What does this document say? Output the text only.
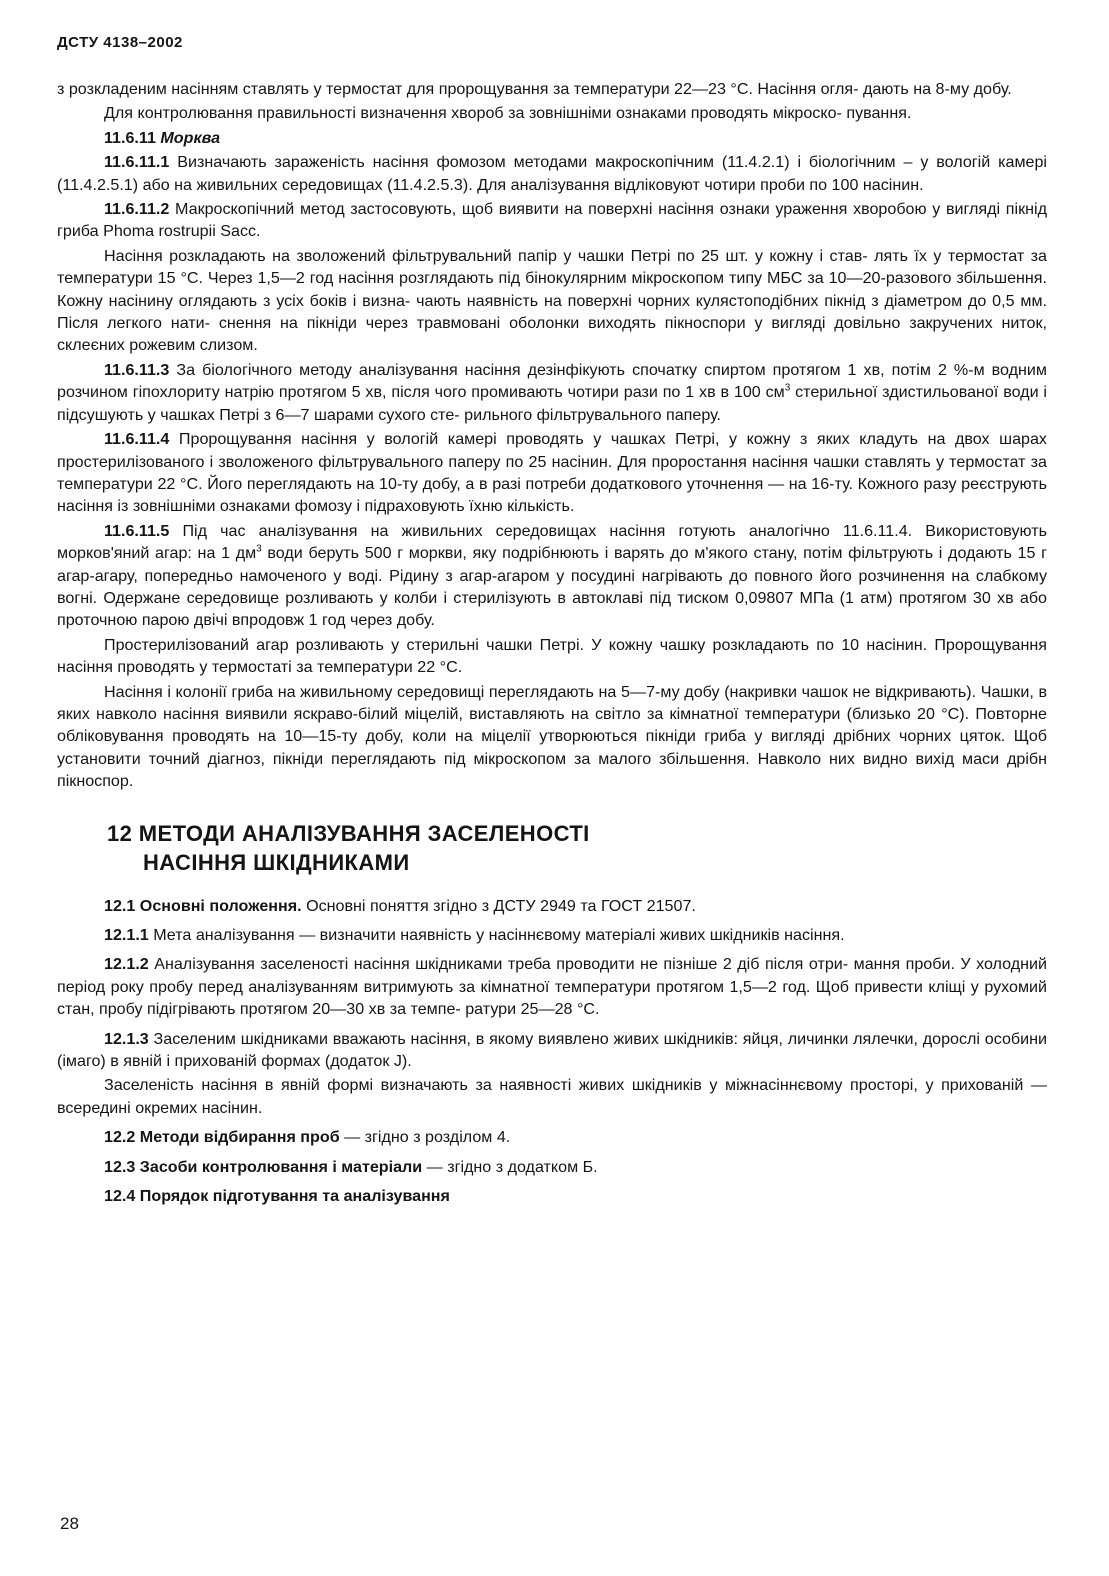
ДСТУ 4138–2002

з розкладеним насінням ставлять у термостат для пророщування за температури 22—23 °С. Насіння огля- дають на 8-му добу.

Для контролювання правильності визначення хвороб за зовнішніми ознаками проводять мікроско- пування.

11.6.11 Морква

11.6.11.1 Визначають зараженість насіння фомозом методами макроскопічним (11.4.2.1) і біологічним – у вологій камері (11.4.2.5.1) або на живильних середовищах (11.4.2.5.3). Для аналізування відліковуют чотири проби по 100 насінин.

11.6.11.2 Макроскопічний метод застосовують, щоб виявити на поверхні насіння ознаки ураження хворобою у вигляді пікнід гриба Phoma rostrupii Sacc.

Насіння розкладають на зволожений фільтрувальний папір у чашки Петрі по 25 шт. у кожну і став- лять їх у термостат за температури 15 °С. Через 1,5—2 год насіння розглядають під бінокулярним мікроскопом типу МБС за 10—20-разового збільшення. Кожну насінину оглядають з усіх боків і визна- чають наявність на поверхні чорних кулястоподібних пікнід з діаметром до 0,5 мм. Після легкого нати- снення на пікніди через травмовані оболонки виходять пікноспори у вигляді довільно закручених ниток, склеєних рожевим слизом.

11.6.11.3 За біологічного методу аналізування насіння дезінфікують спочатку спиртом протягом 1 хв, потім 2 %-м водним розчином гіпохлориту натрію протягом 5 хв, після чого промивають чотири рази по 1 хв в 100 $см^3$ стерильної здистильованої води і підсушують у чашках Петрі з 6—7 шарами сухого сте- рильного фільтрувального паперу.

11.6.11.4 Пророщування насіння у вологій камері проводять у чашках Петрі, у кожну з яких кладуть на двох шарах простерилізованого і зволоженого фільтрувального паперу по 25 насінин. Для проростання насіння чашки ставлять у термостат за температури 22 °С. Його переглядають на 10-ту добу, а в разі потреби додаткового уточнення — на 16-ту. Кожного разу реєструють насіння із зовнішніми ознаками фомозу і підраховують їхню кількість.

11.6.11.5 Під час аналізування на живильних середовищах насіння готують аналогічно 11.6.11.4. Використовують морков'яний агар: на 1 $дм^3$ води беруть 500 г моркви, яку подрібнюють і варять до м'якого стану, потім фільтрують і додають 15 г агар-агару, попередньо намоченого у воді. Рідину з агар-агаром у посудині нагрівають до повного його розчинення на слабкому вогні. Одержане середовище розливають у колби і стерилізують в автоклаві під тиском 0,09807 МПа (1 атм) протягом 30 хв або проточною парою двічі впродовж 1 год через добу.

Простерилізований агар розливають у стерильні чашки Петрі. У кожну чашку розкладають по 10 насінин. Пророщування насіння проводять у термостаті за температури 22 °С.

Насіння і колонії гриба на живильному середовищі переглядають на 5—7-му добу (накривки чашок не відкривають). Чашки, в яких навколо насіння виявили яскраво-білий міцелій, виставляють на світло за кімнатної температури (близько 20 °С). Повторне обліковування проводять на 10—15-ту добу, коли на міцелії утворюються пікніди гриба у вигляді дрібних чорних цяток. Щоб установити точний діагноз, пікніди переглядають під мікроскопом за малого збільшення. Навколо них видно вихід маси дрібн пікноспор.

12 МЕТОДИ АНАЛІЗУВАННЯ ЗАСЕЛЕНОСТІ
НАСІННЯ ШКІДНИКАМИ

12.1 Основні положення. Основні поняття згідно з ДСТУ 2949 та ГОСТ 21507.

12.1.1 Мета аналізування — визначити наявність у насіннєвому матеріалі живих шкідників насіння.

12.1.2 Аналізування заселеності насіння шкідниками треба проводити не пізніше 2 діб після отри- мання проби. У холодний період року пробу перед аналізуванням витримують за кімнатної температури протягом 1,5—2 год. Щоб привести кліщі у рухомий стан, пробу підігрівають протягом 20—30 хв за темпе- ратури 25—28 °С.

12.1.3 Заселеним шкідниками вважають насіння, в якому виявлено живих шкідників: яйця, личинки лялечки, дорослі особини (імаго) в явній і прихованій формах (додаток J).

Заселеність насіння в явній формі визначають за наявності живих шкідників у міжнасіннєвому просторі, у прихованій — всередині окремих насінин.

12.2 Методи відбирання проб — згідно з розділом 4.

12.3 Засоби контролювання і матеріали — згідно з додатком Б.

12.4 Порядок підготування та аналізування

28
